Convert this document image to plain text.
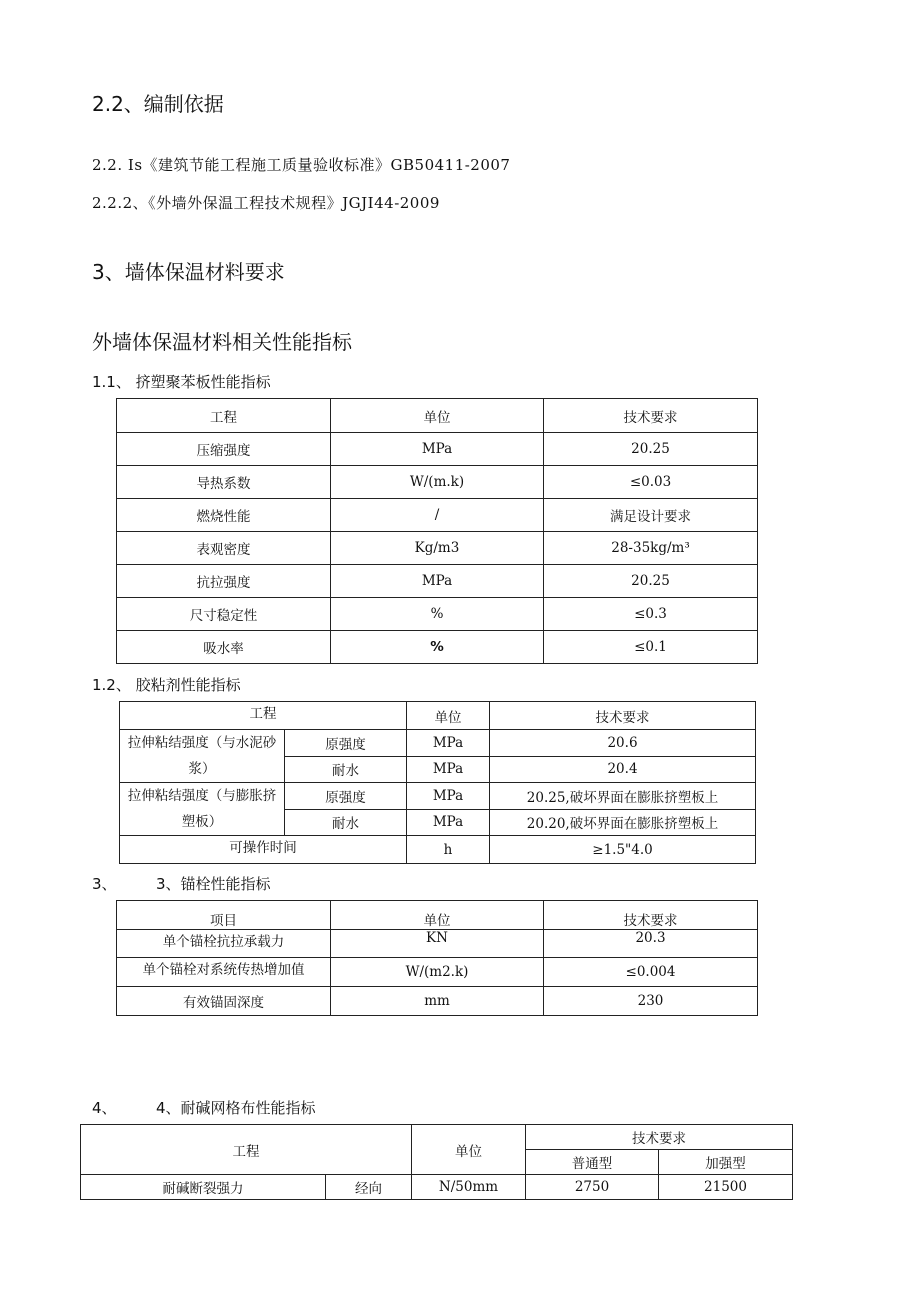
2.2、编制依据
2.2. Is《建筑节能工程施工质量验收标准》GB50411-2007
2.2.2、《外墙外保温工程技术规程》JGJI44-2009
3、墙体保温材料要求
外墙体保温材料相关性能指标
1.1、 挤塑聚苯板性能指标
工程	单位	技术要求
压缩强度	MPa	20.25
导热系数	W/(m.k)	≤0.03
燃烧性能	/	满足设计要求
表观密度	Kg/m3	28-35kg/m³
抗拉强度	MPa	20.25
尺寸稳定性	%	≤0.3
吸水率	%	≤0.1
1.2、 胶粘剂性能指标
工程		单位	技术要求
拉伸粘结强度（与水泥砂浆）	原强度	MPa	20.6
	耐水	MPa	20.4
拉伸粘结强度（与膨胀挤塑板）	原强度	MPa	20.25,破坏界面在膨胀挤塑板上
	耐水	MPa	20.20,破坏界面在膨胀挤塑板上
可操作时间		h	≥1.5"4.0
3、	3、锚栓性能指标
项目	单位	技术要求
单个锚栓抗拉承载力	KN	20.3
单个锚栓对系统传热增加值	W/(m2.k)	≤0.004
有效锚固深度	mm	230
4、	4、耐碱网格布性能指标
工程		单位	技术要求	
			普通型	加强型
耐碱断裂强力	经向	N/50mm	2750	21500
